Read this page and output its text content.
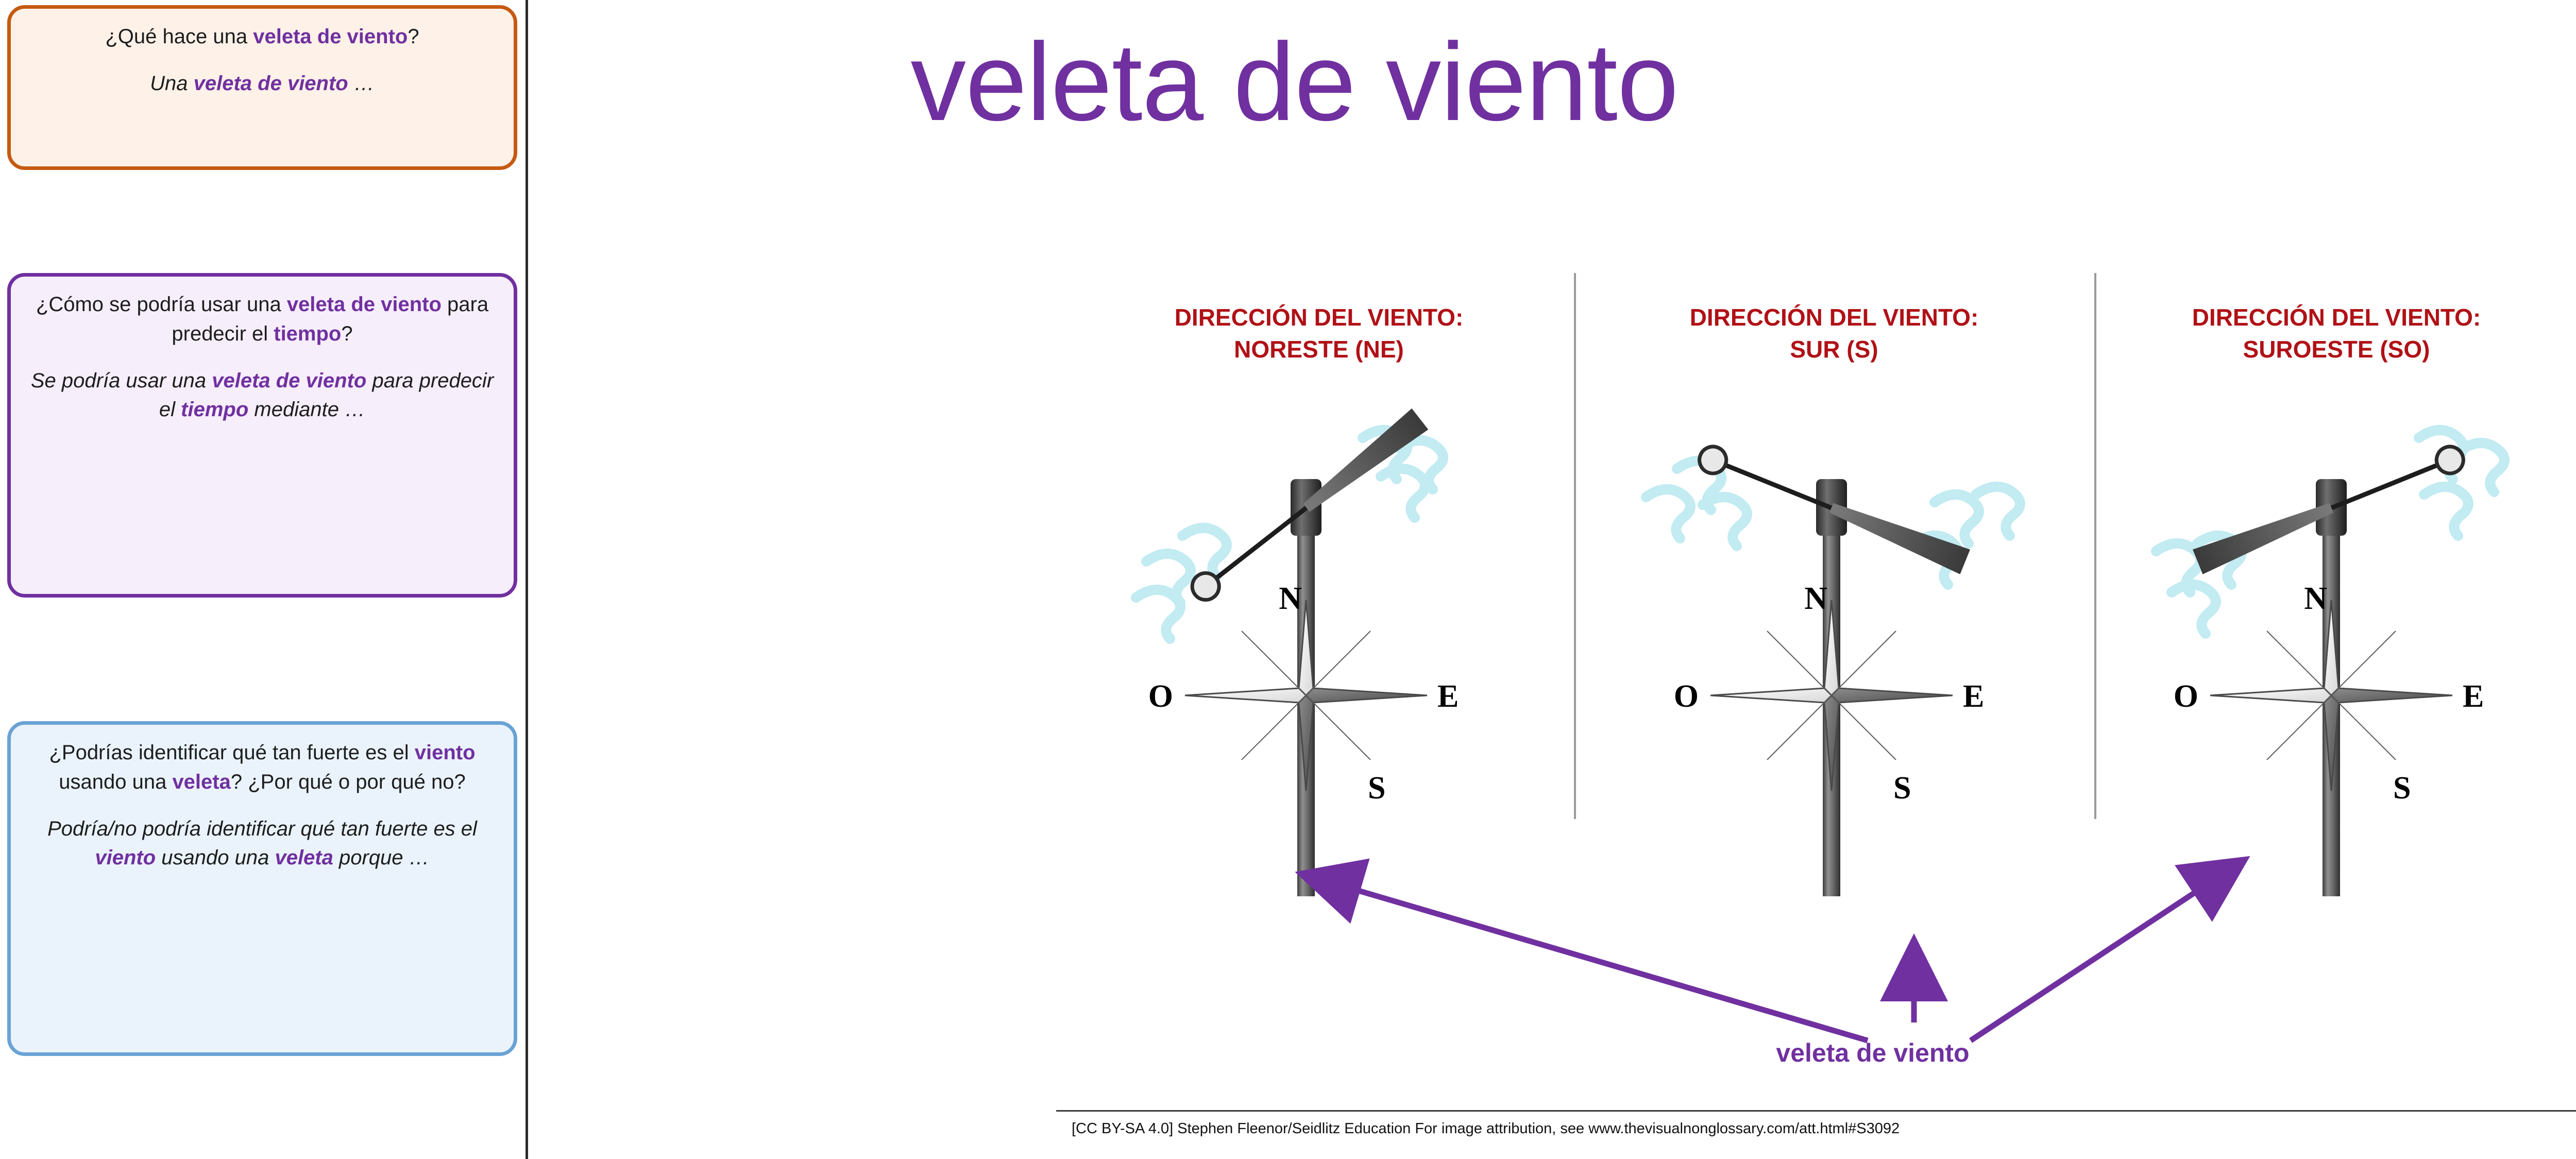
¿Qué hace una veleta de viento?
Una veleta de viento …
¿Cómo se podría usar una veleta de viento para predecir el tiempo?
Se podría usar una veleta de viento para predecir el tiempo mediante …
¿Podrías identificar qué tan fuerte es el viento usando una veleta? ¿Por qué o por qué no?
Podría/no podría identificar qué tan fuerte es el viento usando una veleta porque …
veleta de viento
DIRECCIÓN DEL VIENTO:
NORESTE (NE)
DIRECCIÓN DEL VIENTO:
SUR (S)
DIRECCIÓN DEL VIENTO:
SUROESTE (SO)
N
E
S
O
N
E
S
O
N
E
S
O
veleta de viento
[CC BY-SA 4.0] Stephen Fleenor/Seidlitz Education For image attribution, see www.thevisualnonglossary.com/att.html#S3092
